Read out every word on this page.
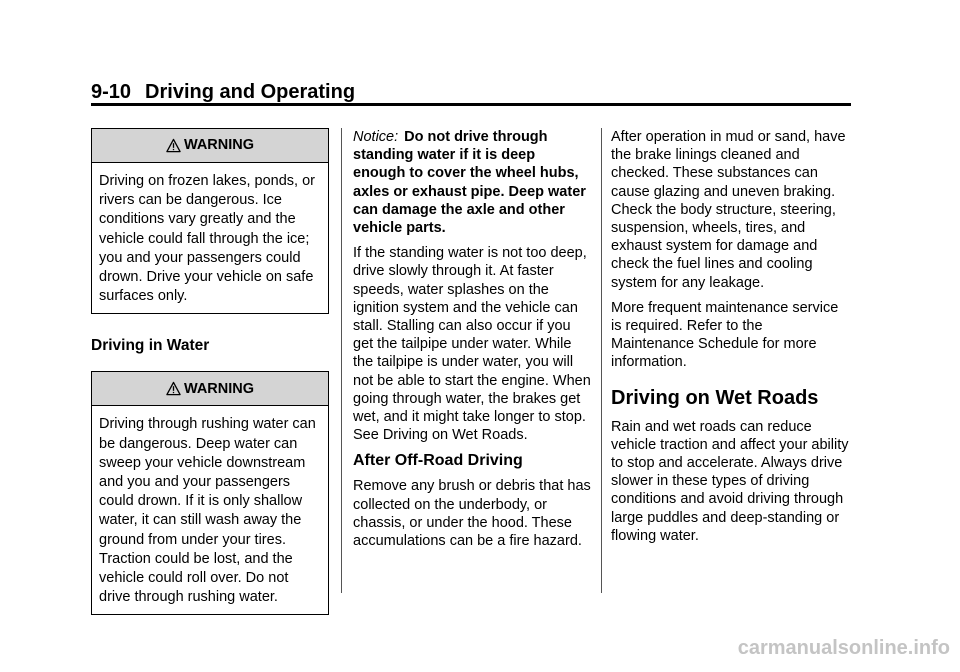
9-10 Driving and Operating
WARNING
Driving on frozen lakes, ponds, or rivers can be dangerous. Ice conditions vary greatly and the vehicle could fall through the ice; you and your passengers could drown. Drive your vehicle on safe surfaces only.
Driving in Water
WARNING
Driving through rushing water can be dangerous. Deep water can sweep your vehicle downstream and you and your passengers could drown. If it is only shallow water, it can still wash away the ground from under your tires. Traction could be lost, and the vehicle could roll over. Do not drive through rushing water.

Notice: Do not drive through standing water if it is deep enough to cover the wheel hubs, axles or exhaust pipe. Deep water can damage the axle and other vehicle parts.

If the standing water is not too deep, drive slowly through it. At faster speeds, water splashes on the ignition system and the vehicle can stall. Stalling can also occur if you get the tailpipe under water. While the tailpipe is under water, you will not be able to start the engine. When going through water, the brakes get wet, and it might take longer to stop. See Driving on Wet Roads.

After Off-Road Driving

Remove any brush or debris that has collected on the underbody, or chassis, or under the hood. These accumulations can be a fire hazard.

After operation in mud or sand, have the brake linings cleaned and checked. These substances can cause glazing and uneven braking. Check the body structure, steering, suspension, wheels, tires, and exhaust system for damage and check the fuel lines and cooling system for any leakage.

More frequent maintenance service is required. Refer to the Maintenance Schedule for more information.

Driving on Wet Roads

Rain and wet roads can reduce vehicle traction and affect your ability to stop and accelerate. Always drive slower in these types of driving conditions and avoid driving through large puddles and deep-standing or flowing water.

carmanualsonline.info
